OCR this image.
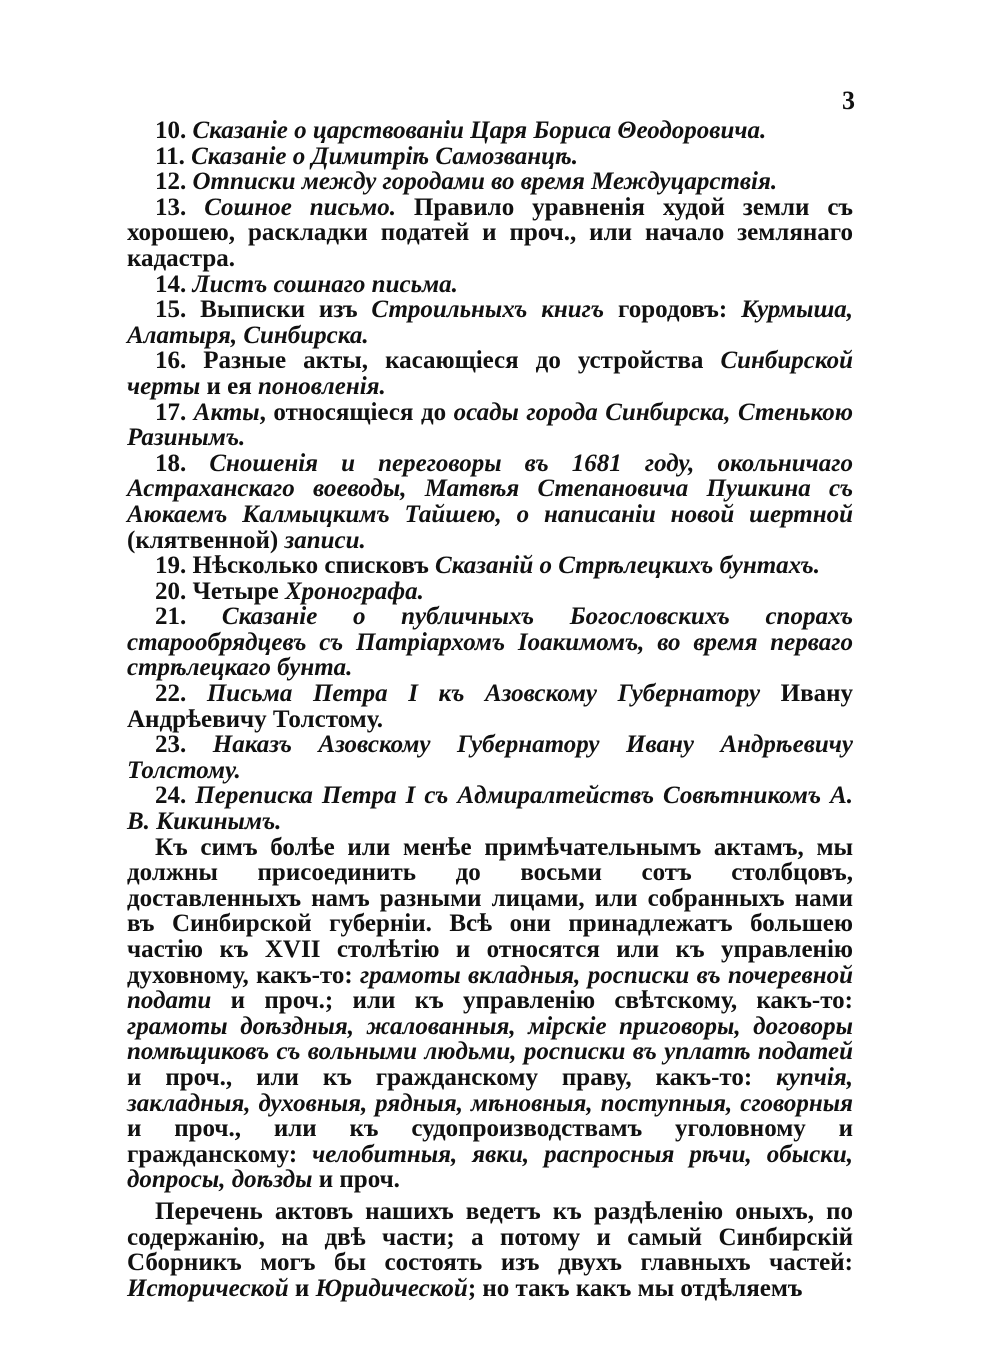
3

10. Сказаніе о царствованіи Царя Бориса Θеодоровича.

11. Сказаніе о Димитріѣ Самозванцѣ.

12. Отписки между городами во время Междуцарствія.

13. Сошное письмо. Правило уравненія худой земли съ хорошею, раскладки податей и проч., или начало землянаго кадастра.

14. Листъ сошнаго письма.

15. Выписки изъ Строильныхъ книгъ городовъ: Курмыша, Алатыря, Синбирска.

16. Разные акты, касающіеся до устройства Синбирской черты и ея поновленія.

17. Акты, относящіеся до осады города Синбирска, Стенькою Разинымъ.

18. Сношенія и переговоры въ 1681 году, окольничаго Астраханскаго воеводы, Матвѣя Степановича Пушкина съ Аюкаемъ Калмыцкимъ Тайшею, о написаніи новой шертной (клятвенной) записи.

19. Нѣсколько списковъ Сказаній о Стрѣлецкихъ бунтахъ.

20. Четыре Хронографа.

21. Сказаніе о публичныхъ Богословскихъ спорахъ старообрядцевъ съ Патріархомъ Іоакимомъ, во время перваго стрѣлецкаго бунта.

22. Письма Петра I къ Азовскому Губернатору Ивану Андрѣевичу Толстому.

23. Наказъ Азовскому Губернатору Ивану Андрѣевичу Толстому.

24. Переписка Петра I съ Адмиралтействъ Совѣтникомъ А. В. Кикинымъ.

Къ симъ болѣе или менѣе примѣчательнымъ актамъ, мы должны присоединить до восьми сотъ столбцовъ, доставленныхъ намъ разными лицами, или собранныхъ нами въ Синбирской губерніи. Всѣ они принадлежатъ большею частію къ XVII столѣтію и относятся или къ управленію духовному, какъ-то: грамоты вкладныя, росписки въ почеревной подати и проч.; или къ управленію свѣтскому, какъ-то: грамоты доѣздныя, жалованныя, мірскіе приговоры, договоры помѣщиковъ съ вольными людьми, росписки въ уплатѣ податей и проч., или къ гражданскому праву, какъ-то: купчія, закладныя, духовныя, рядныя, мѣновныя, поступныя, сговорныя и проч., или къ судопроизводствамъ уголовному и гражданскому: челобитныя, явки, распросныя рѣчи, обыски, допросы, доѣзды и проч.

Перечень актовъ нашихъ ведетъ къ раздѣленію оныхъ, по содержанію, на двѣ части; а потому и самый Синбирскій Сборникъ могъ бы состоять изъ двухъ главныхъ частей: Исторической и Юридической; но такъ какъ мы отдѣляемъ
